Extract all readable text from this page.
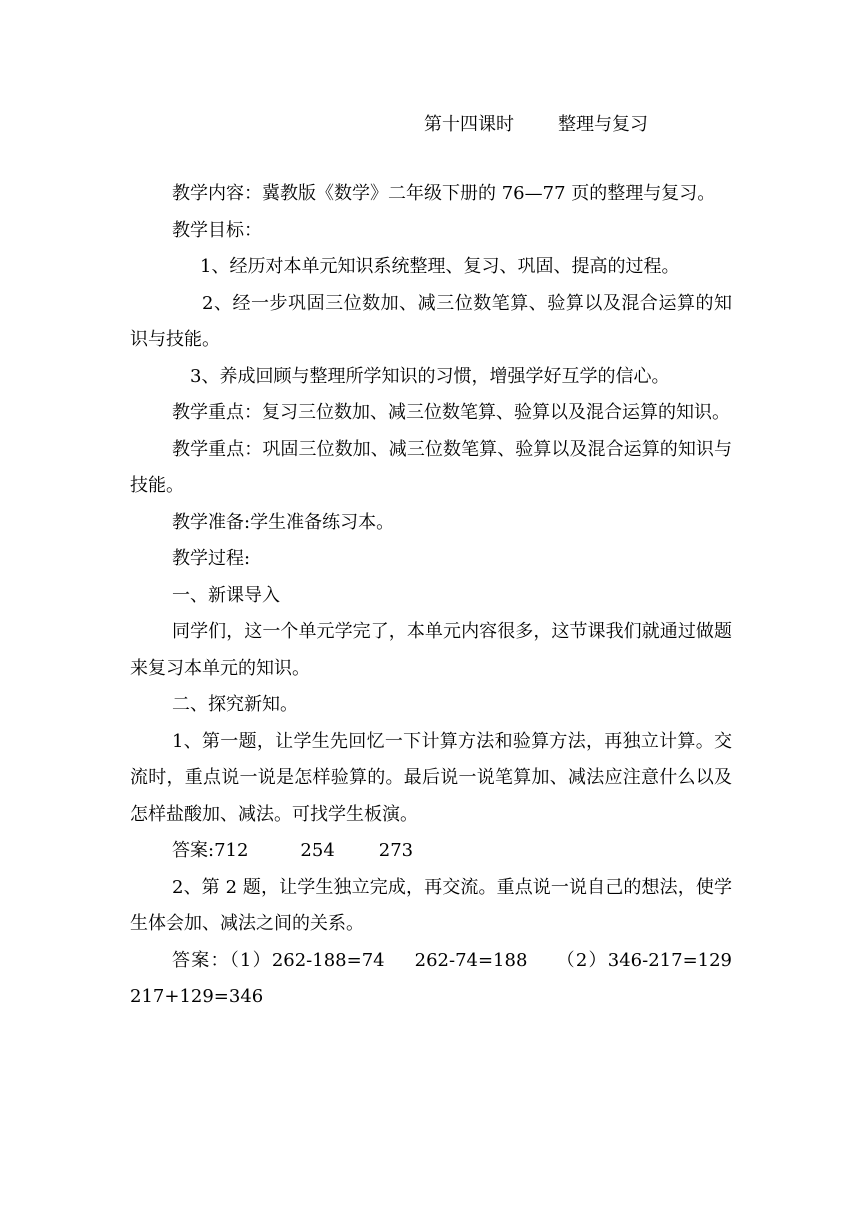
第十四课时 整理与复习

教学内容：冀教版《数学》二年级下册的 76—77 页的整理与复习。

教学目标：

1、经历对本单元知识系统整理、复习、巩固、提高的过程。

2、经一步巩固三位数加、减三位数笔算、验算以及混合运算的知识与技能。

3、养成回顾与整理所学知识的习惯，增强学好互学的信心。

教学重点：复习三位数加、减三位数笔算、验算以及混合运算的知识。

教学重点：巩固三位数加、减三位数笔算、验算以及混合运算的知识与技能。

教学准备:学生准备练习本。

教学过程:

一、新课导入

同学们，这一个单元学完了，本单元内容很多，这节课我们就通过做题来复习本单元的知识。

二、探究新知。

1、第一题，让学生先回忆一下计算方法和验算方法，再独立计算。交流时，重点说一说是怎样验算的。最后说一说笔算加、减法应注意什么以及怎样盐酸加、减法。可找学生板演。

答案:712	254 273

2、第 2 题，让学生独立完成，再交流。重点说一说自己的想法，使学生体会加、减法之间的关系。

答案：（1）262-188=74 262-74=188 （2）346-217=129 217+129=346
